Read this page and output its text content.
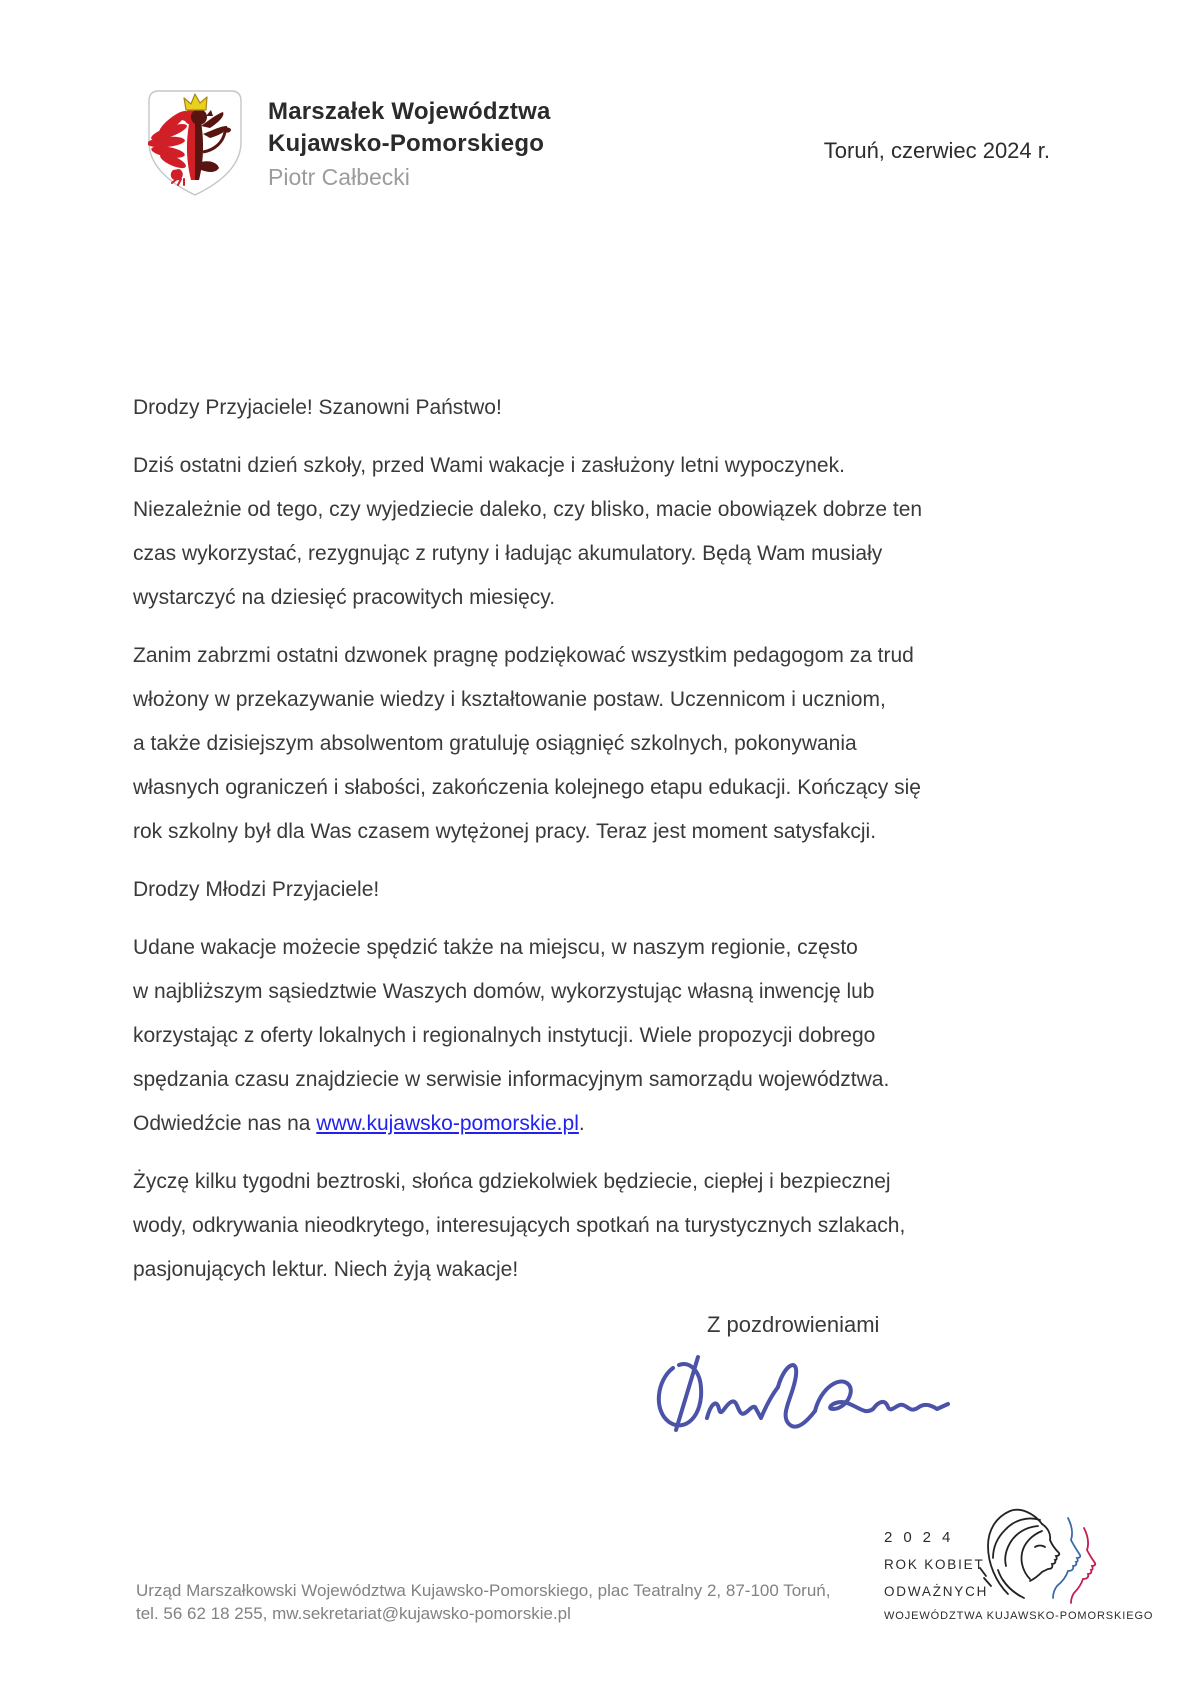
Marszałek Województwa
Kujawsko-Pomorskiego
Piotr Całbecki
Toruń, czerwiec 2024 r.

Drodzy Przyjaciele! Szanowni Państwo!

Dziś ostatni dzień szkoły, przed Wami wakacje i zasłużony letni wypoczynek.
Niezależnie od tego, czy wyjedziecie daleko, czy blisko, macie obowiązek dobrze ten
czas wykorzystać, rezygnując z rutyny i ładując akumulatory. Będą Wam musiały
wystarczyć na dziesięć pracowitych miesięcy.

Zanim zabrzmi ostatni dzwonek pragnę podziękować wszystkim pedagogom za trud
włożony w przekazywanie wiedzy i kształtowanie postaw. Uczennicom i uczniom,
a także dzisiejszym absolwentom gratuluję osiągnięć szkolnych, pokonywania
własnych ograniczeń i słabości, zakończenia kolejnego etapu edukacji. Kończący się
rok szkolny był dla Was czasem wytężonej pracy. Teraz jest moment satysfakcji.

Drodzy Młodzi Przyjaciele!

Udane wakacje możecie spędzić także na miejscu, w naszym regionie, często
w najbliższym sąsiedztwie Waszych domów, wykorzystując własną inwencję lub
korzystając z oferty lokalnych i regionalnych instytucji. Wiele propozycji dobrego
spędzania czasu znajdziecie w serwisie informacyjnym samorządu województwa.
Odwiedźcie nas na www.kujawsko-pomorskie.pl.

Życzę kilku tygodni beztroski, słońca gdziekolwiek będziecie, ciepłej i bezpiecznej
wody, odkrywania nieodkrytego, interesujących spotkań na turystycznych szlakach,
pasjonujących lektur. Niech żyją wakacje!

Z pozdrowieniami
Urząd Marszałkowski Województwa Kujawsko-Pomorskiego, plac Teatralny 2, 87-100 Toruń,
tel. 56 62 18 255, mw.sekretariat@kujawsko-pomorskie.pl
2024
ROK KOBIET
ODWAŻNYCH
WOJEWÓDZTWA KUJAWSKO-POMORSKIEGO
